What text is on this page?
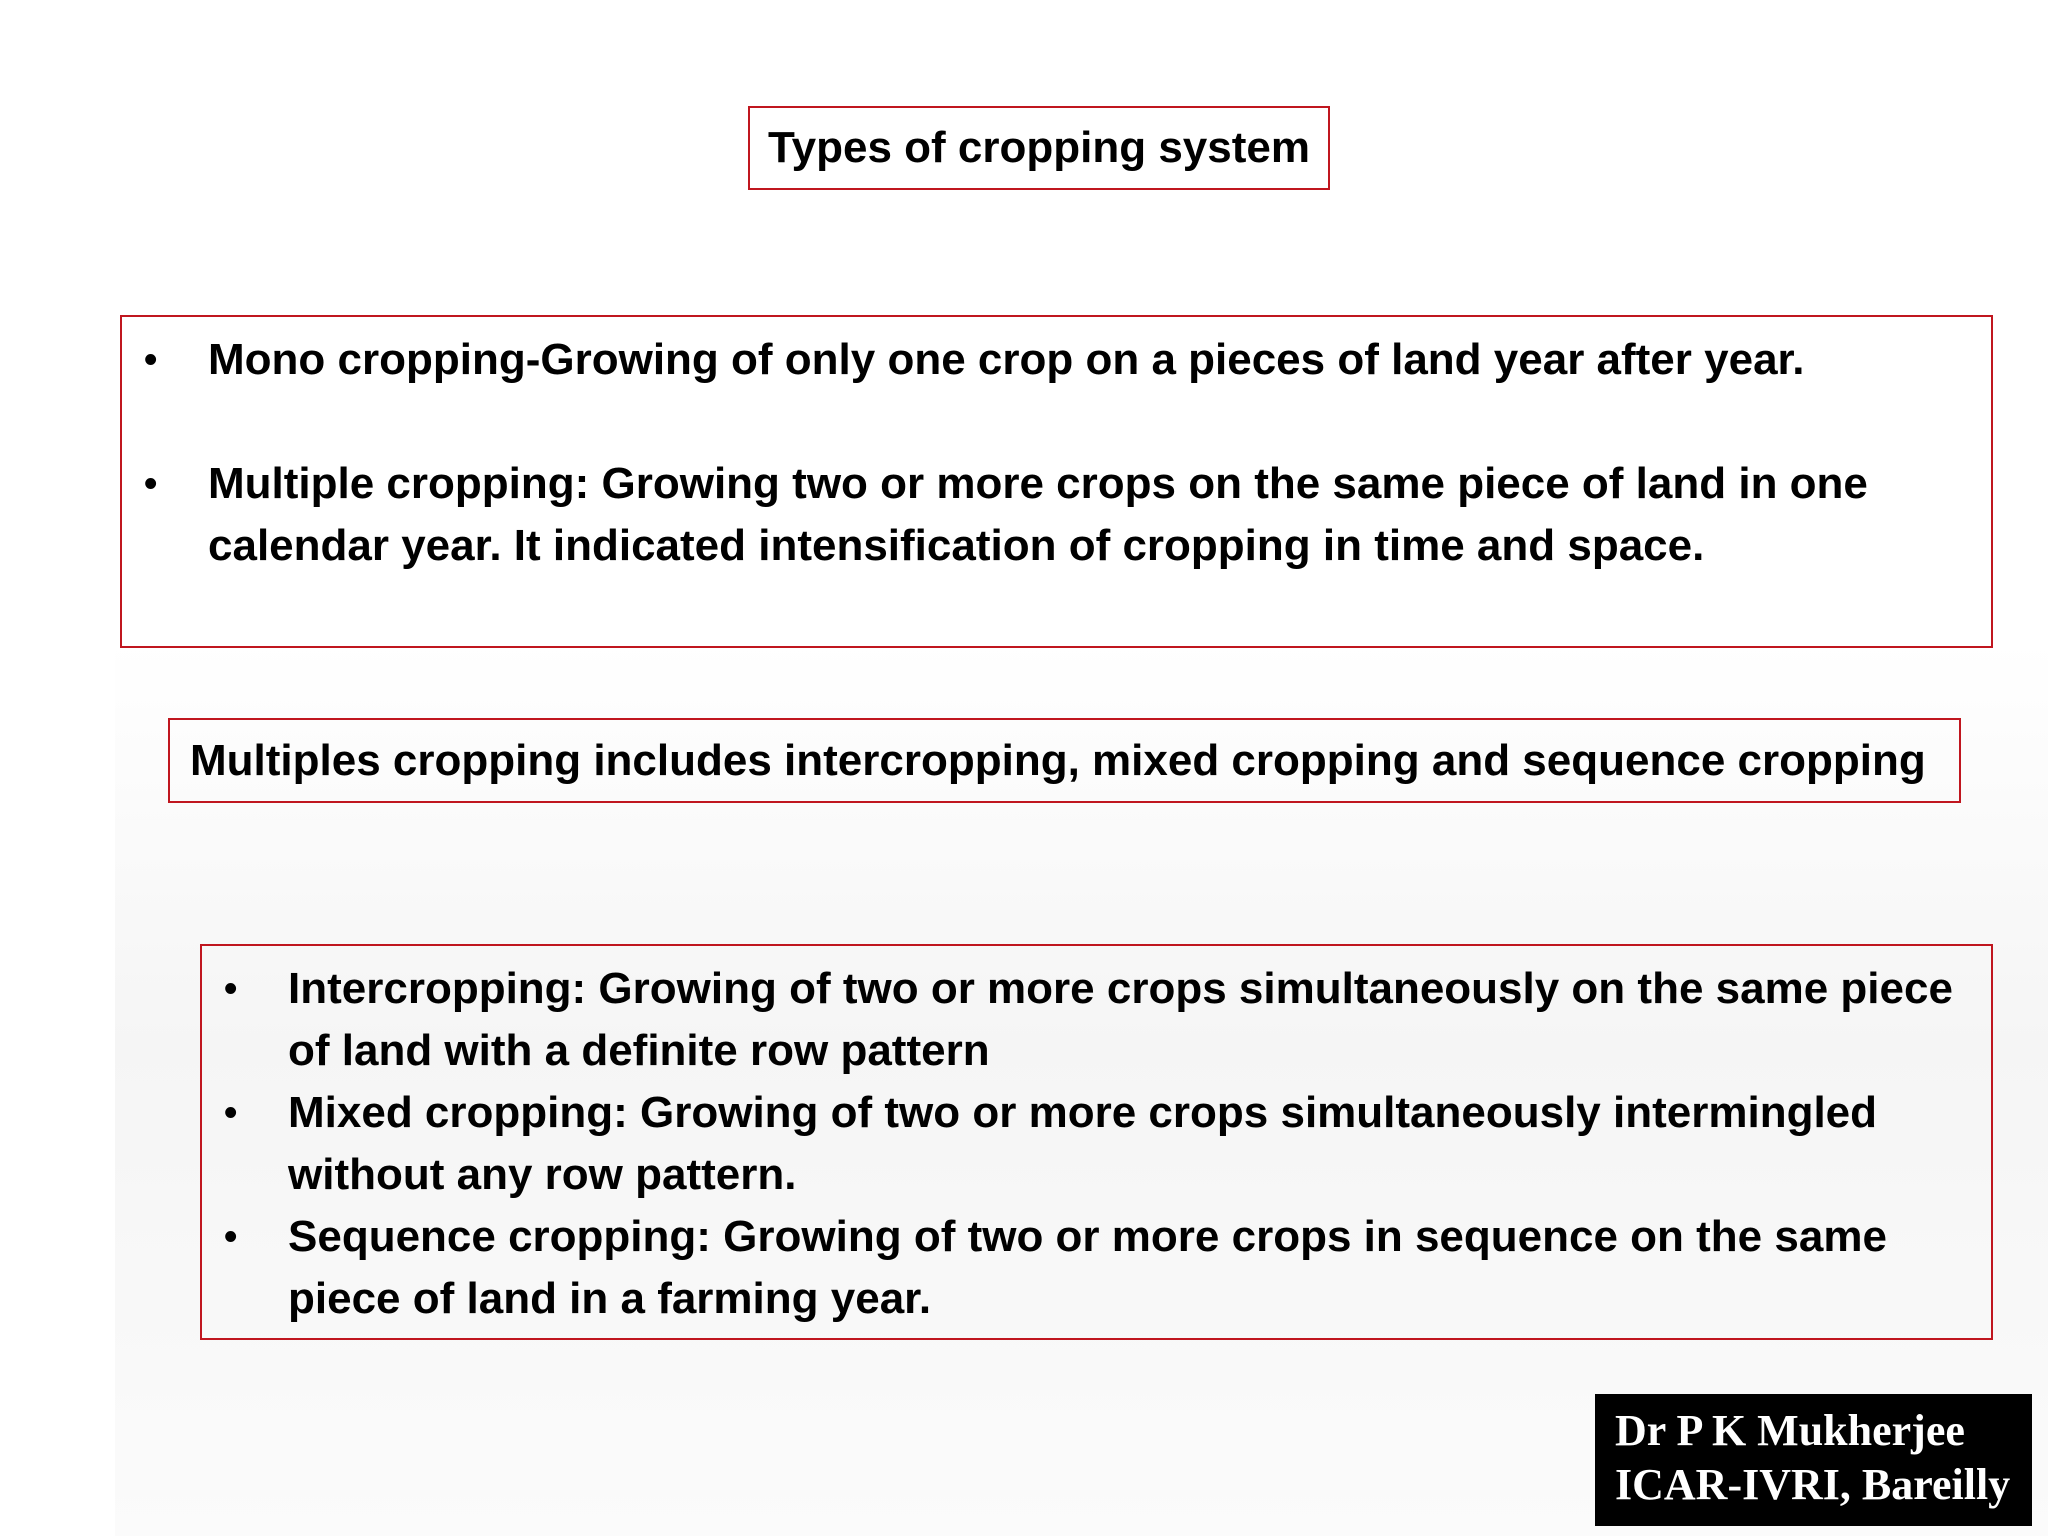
Types of cropping system
• Mono cropping-Growing of only one crop on a pieces of land year after year.
• Multiple cropping: Growing two or more crops on the same piece of land in one calendar year. It indicated intensification of cropping in time and space.
Multiples cropping includes intercropping, mixed cropping and sequence cropping
• Intercropping: Growing of two or more crops simultaneously on the same piece of land with a definite row pattern
• Mixed cropping: Growing of two or more crops simultaneously intermingled without any row pattern.
• Sequence cropping: Growing of two or more crops in sequence on the same piece of land in a farming year.
Dr P K Mukherjee
ICAR-IVRI, Bareilly
